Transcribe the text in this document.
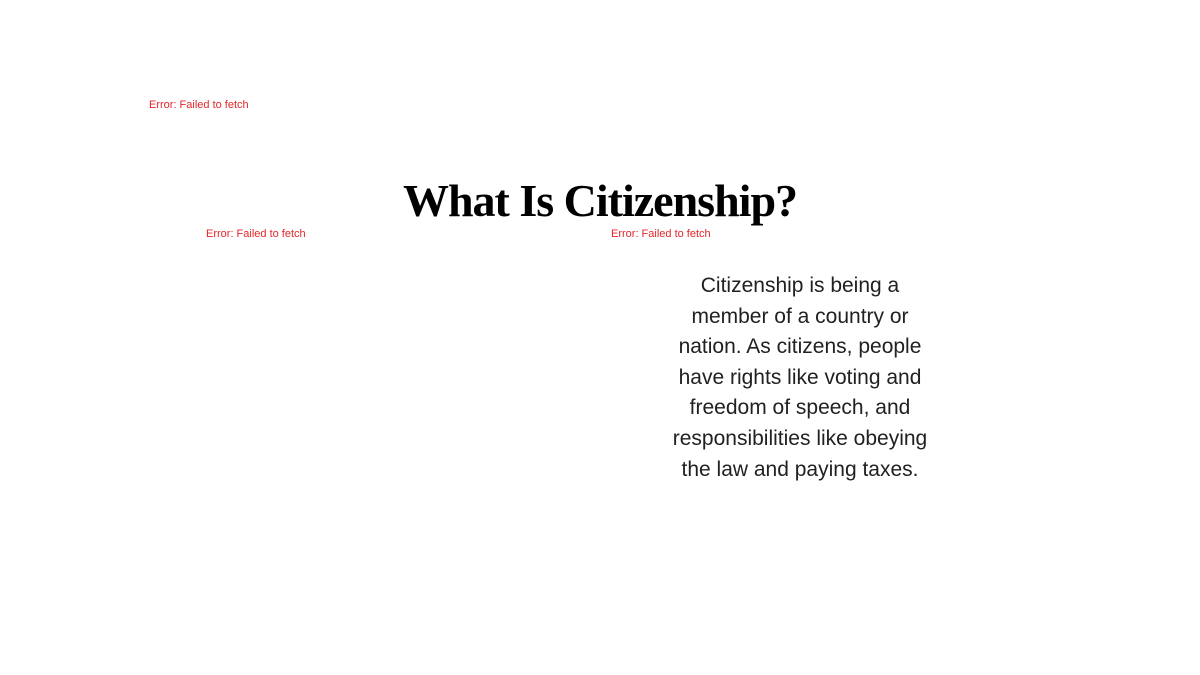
Error: Failed to fetch
What Is Citizenship?
Error: Failed to fetch	Error: Failed to fetch
Citizenship is being a
member of a country or
nation. As citizens, people
have rights like voting and
freedom of speech, and
responsibilities like obeying
the law and paying taxes.
